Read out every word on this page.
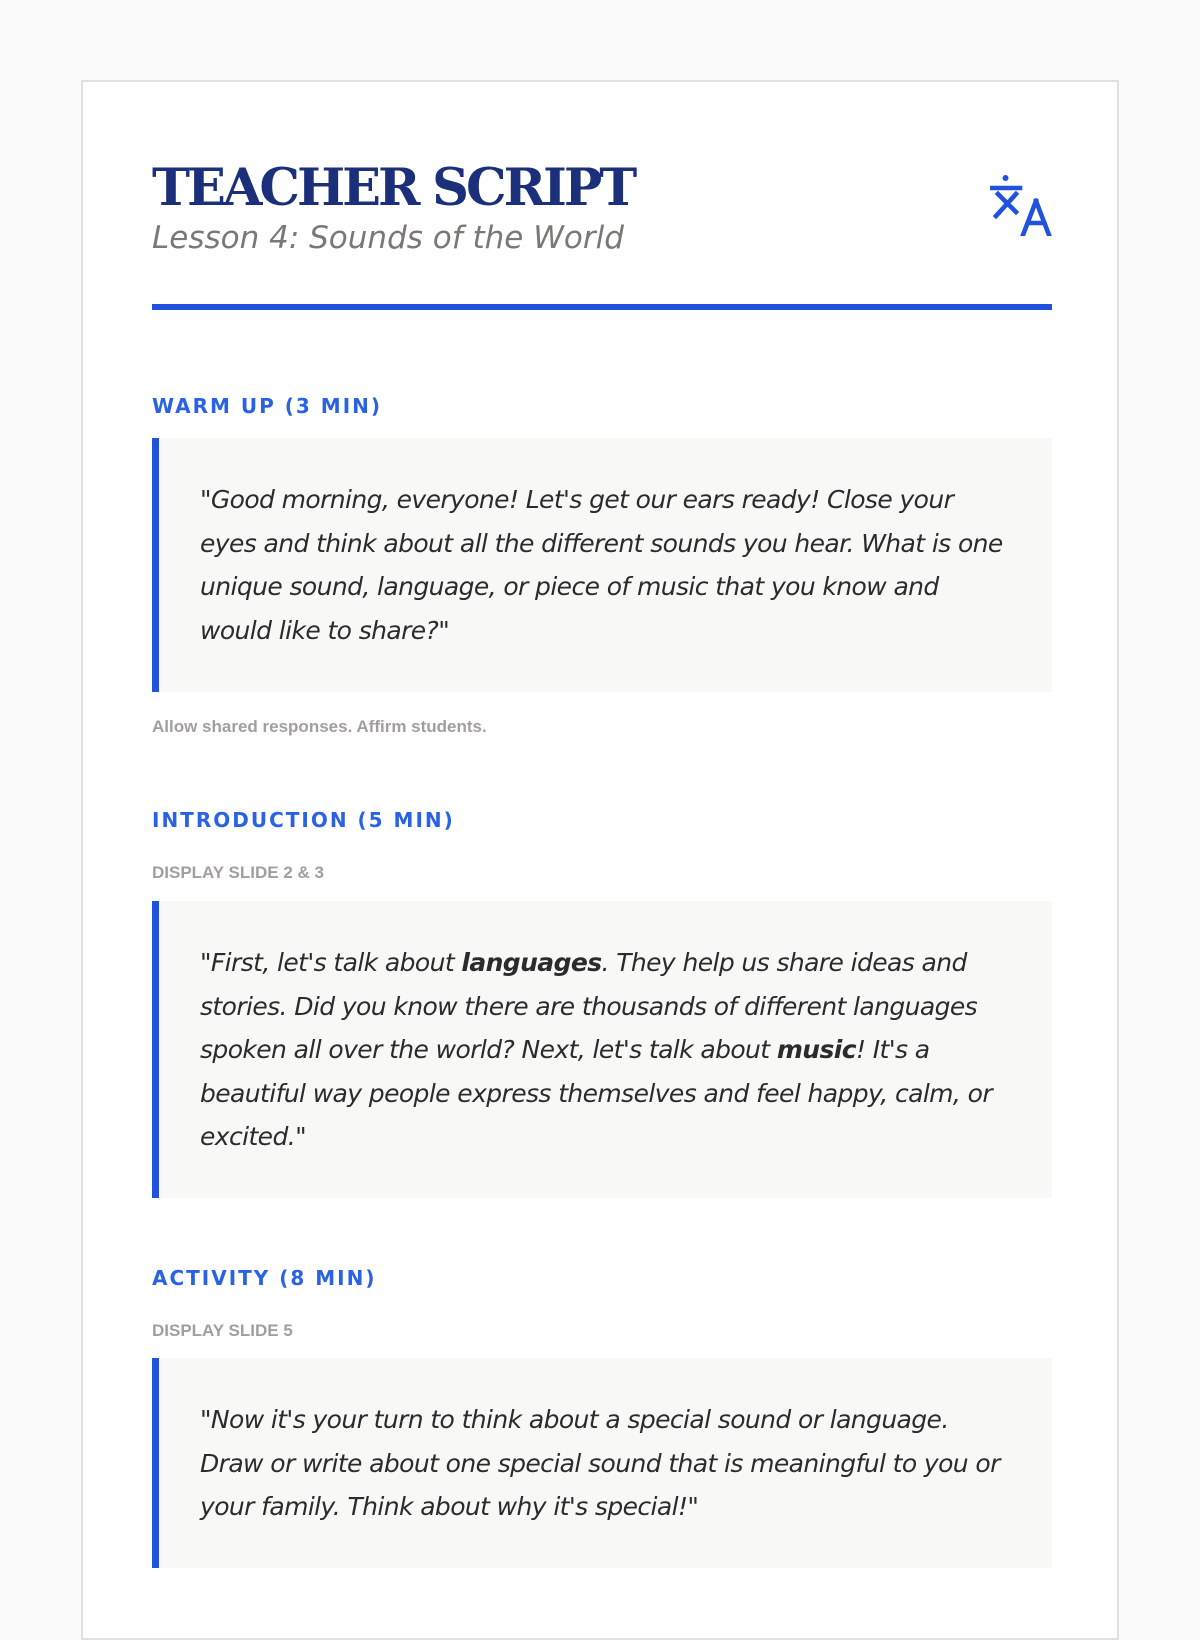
TEACHER SCRIPT
Lesson 4: Sounds of the World
WARM UP (3 MIN)
"Good morning, everyone! Let's get our ears ready! Close your eyes and think about all the different sounds you hear. What is one unique sound, language, or piece of music that you know and would like to share?"
Allow shared responses. Affirm students.
INTRODUCTION (5 MIN)
DISPLAY SLIDE 2 & 3
"First, let's talk about languages. They help us share ideas and stories. Did you know there are thousands of different languages spoken all over the world? Next, let's talk about music! It's a beautiful way people express themselves and feel happy, calm, or excited."
ACTIVITY (8 MIN)
DISPLAY SLIDE 5
"Now it's your turn to think about a special sound or language. Draw or write about one special sound that is meaningful to you or your family. Think about why it's special!"
